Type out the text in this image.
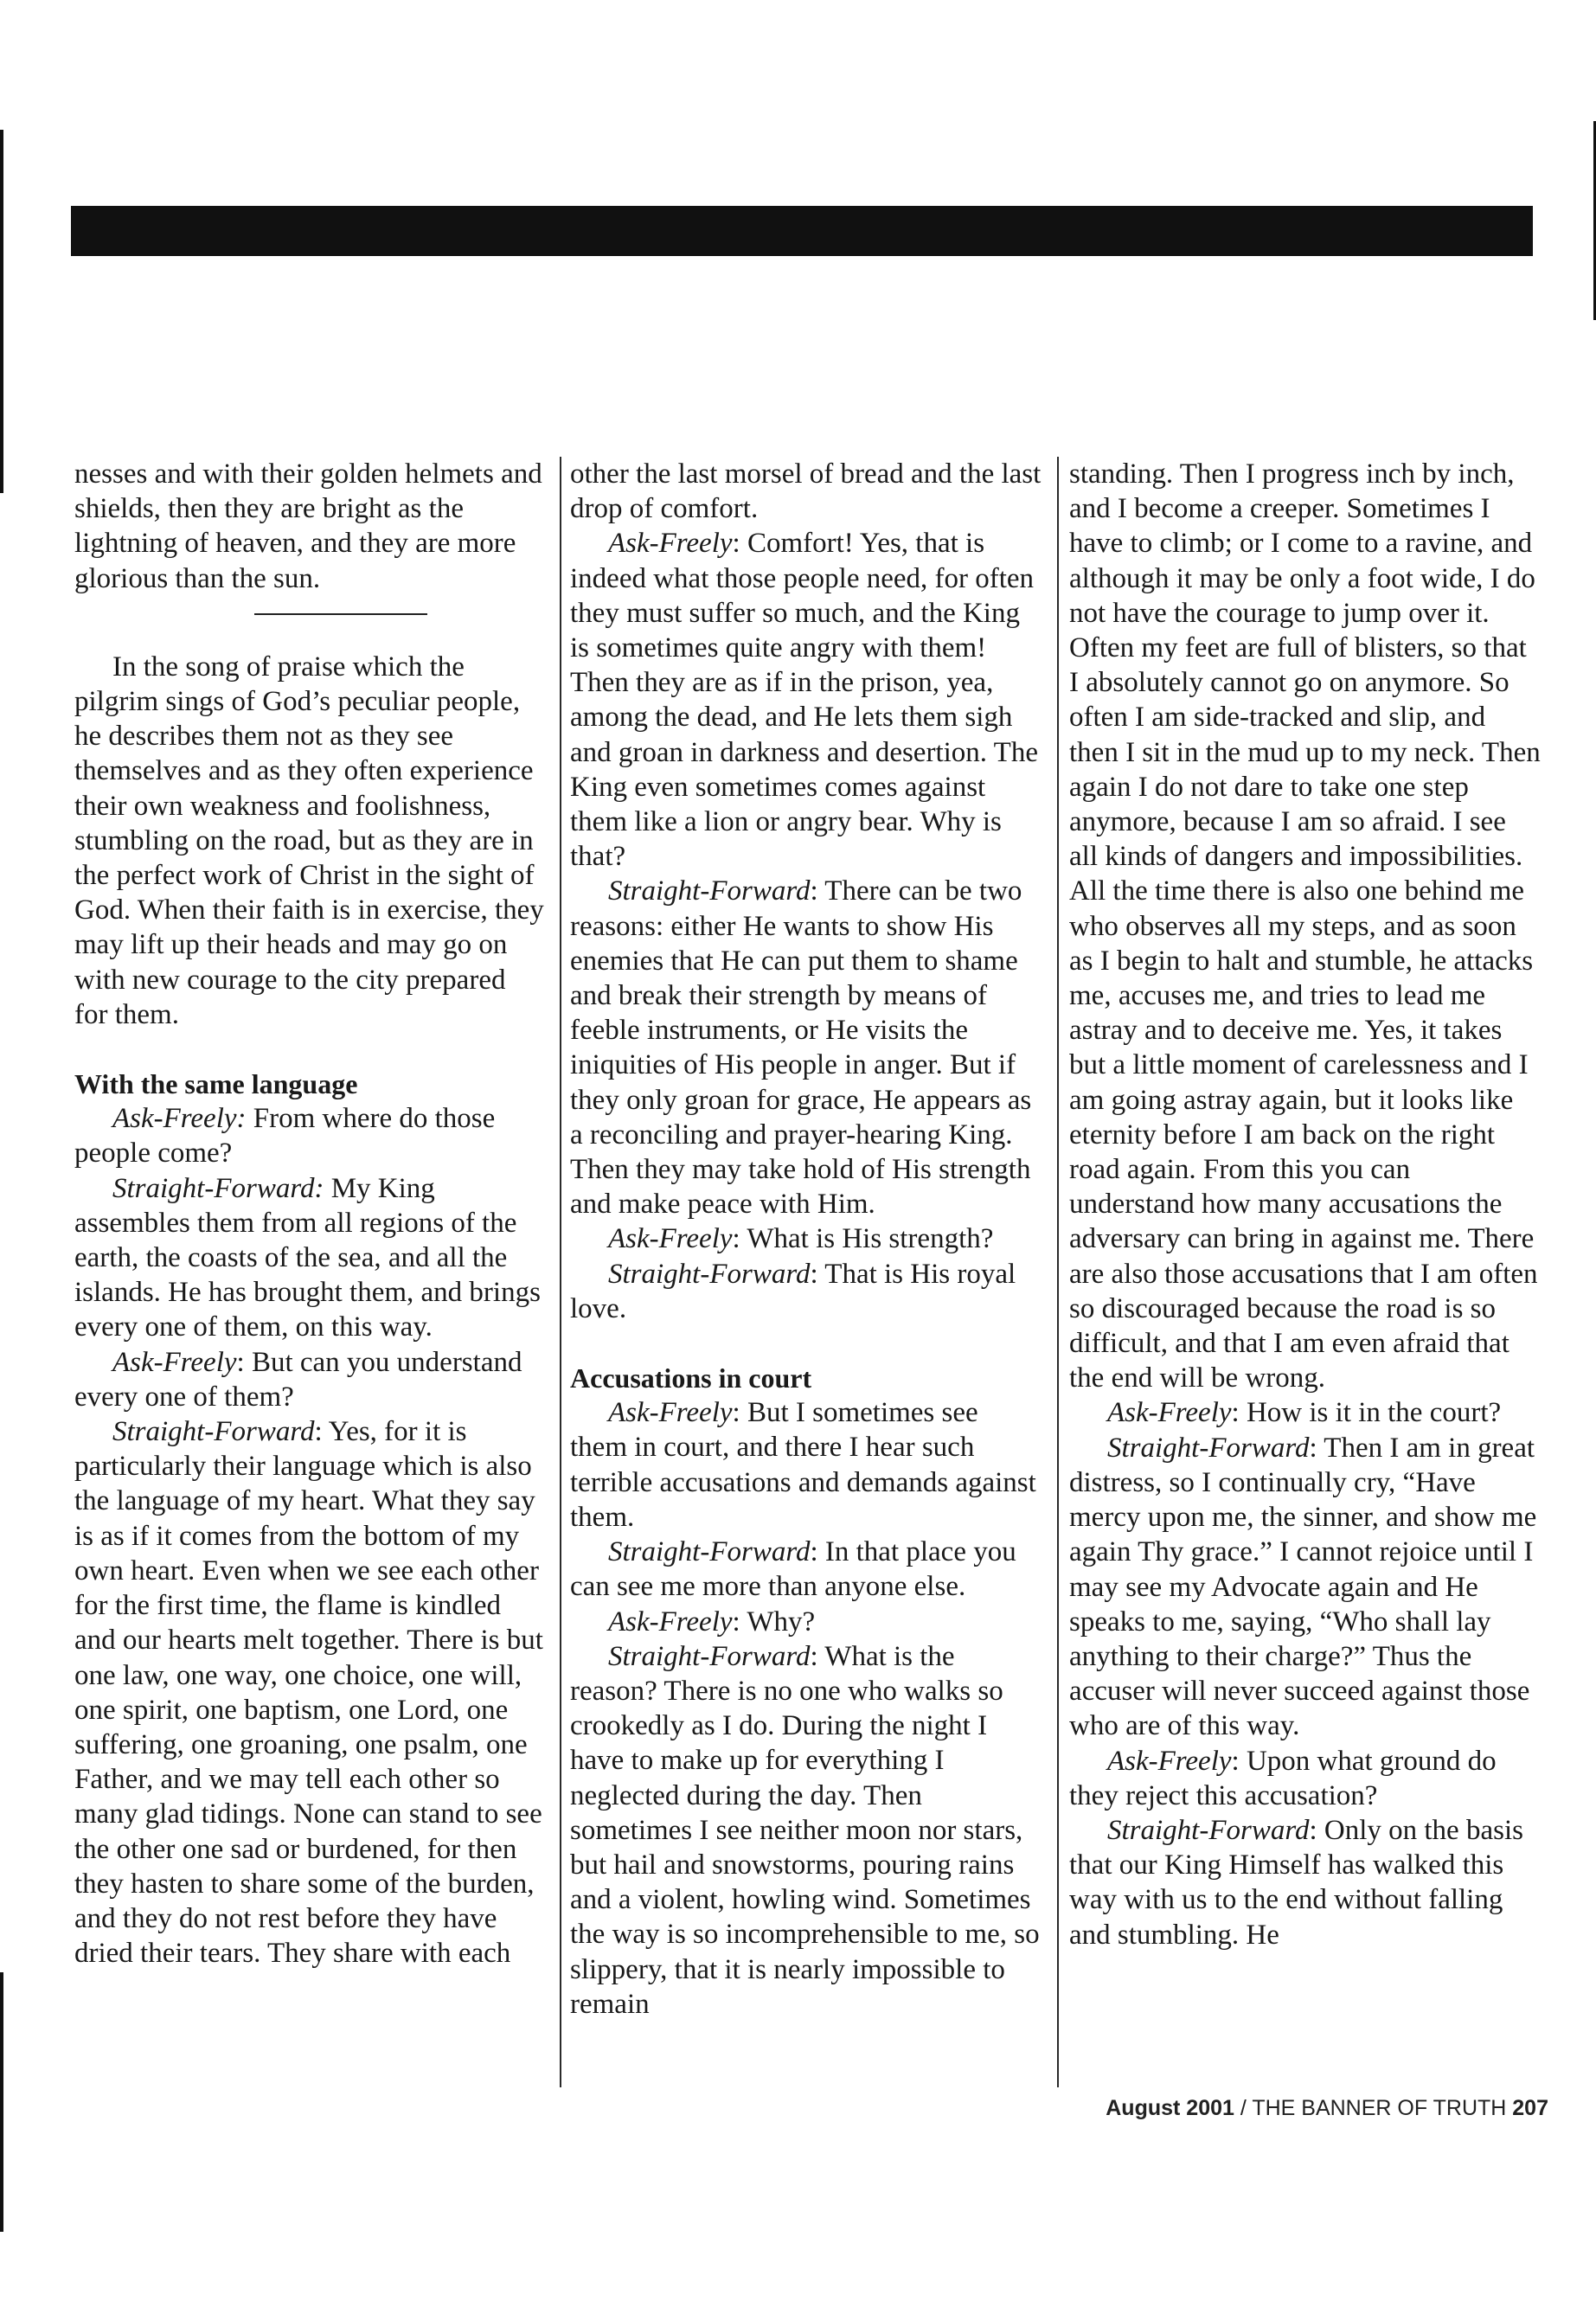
nesses and with their golden helmets and shields, then they are bright as the lightning of heaven, and they are more glorious than the sun.

In the song of praise which the pilgrim sings of God’s peculiar people, he describes them not as they see themselves and as they often experience their own weakness and foolishness, stumbling on the road, but as they are in the perfect work of Christ in the sight of God. When their faith is in exercise, they may lift up their heads and may go on with new courage to the city prepared for them.

With the same language

Ask-Freely: From where do those people come?

Straight-Forward: My King assembles them from all regions of the earth, the coasts of the sea, and all the islands. He has brought them, and brings every one of them, on this way.

Ask-Freely: But can you understand every one of them?

Straight-Forward: Yes, for it is particularly their language which is also the language of my heart. What they say is as if it comes from the bottom of my own heart. Even when we see each other for the first time, the flame is kindled and our hearts melt together. There is but one law, one way, one choice, one will, one spirit, one baptism, one Lord, one suffering, one groaning, one psalm, one Father, and we may tell each other so many glad tidings. None can stand to see the other one sad or burdened, for then they hasten to share some of the burden, and they do not rest before they have dried their tears. They share with each

other the last morsel of bread and the last drop of comfort.

Ask-Freely: Comfort! Yes, that is indeed what those people need, for often they must suffer so much, and the King is sometimes quite angry with them! Then they are as if in the prison, yea, among the dead, and He lets them sigh and groan in darkness and desertion. The King even sometimes comes against them like a lion or angry bear. Why is that?

Straight-Forward: There can be two reasons: either He wants to show His enemies that He can put them to shame and break their strength by means of feeble instruments, or He visits the iniquities of His people in anger. But if they only groan for grace, He appears as a reconciling and prayer-hearing King. Then they may take hold of His strength and make peace with Him.

Ask-Freely: What is His strength?

Straight-Forward: That is His royal love.

Accusations in court

Ask-Freely: But I sometimes see them in court, and there I hear such terrible accusations and demands against them.

Straight-Forward: In that place you can see me more than anyone else.

Ask-Freely: Why?

Straight-Forward: What is the reason? There is no one who walks so crookedly as I do. During the night I have to make up for everything I neglected during the day. Then sometimes I see neither moon nor stars, but hail and snowstorms, pouring rains and a violent, howling wind. Sometimes the way is so incomprehensible to me, so slippery, that it is nearly impossible to remain

standing. Then I progress inch by inch, and I become a creeper. Sometimes I have to climb; or I come to a ravine, and although it may be only a foot wide, I do not have the courage to jump over it. Often my feet are full of blisters, so that I absolutely cannot go on anymore. So often I am side-tracked and slip, and then I sit in the mud up to my neck. Then again I do not dare to take one step anymore, because I am so afraid. I see all kinds of dangers and impossibilities. All the time there is also one behind me who observes all my steps, and as soon as I begin to halt and stumble, he attacks me, accuses me, and tries to lead me astray and to deceive me. Yes, it takes but a little moment of carelessness and I am going astray again, but it looks like eternity before I am back on the right road again. From this you can understand how many accusations the adversary can bring in against me. There are also those accusations that I am often so discouraged because the road is so difficult, and that I am even afraid that the end will be wrong.

Ask-Freely: How is it in the court?

Straight-Forward: Then I am in great distress, so I continually cry, “Have mercy upon me, the sinner, and show me again Thy grace.” I cannot rejoice until I may see my Advocate again and He speaks to me, saying, “Who shall lay anything to their charge?” Thus the accuser will never succeed against those who are of this way.

Ask-Freely: Upon what ground do they reject this accusation?

Straight-Forward: Only on the basis that our King Himself has walked this way with us to the end without falling and stumbling. He

August 2001 / THE BANNER OF TRUTH 207
